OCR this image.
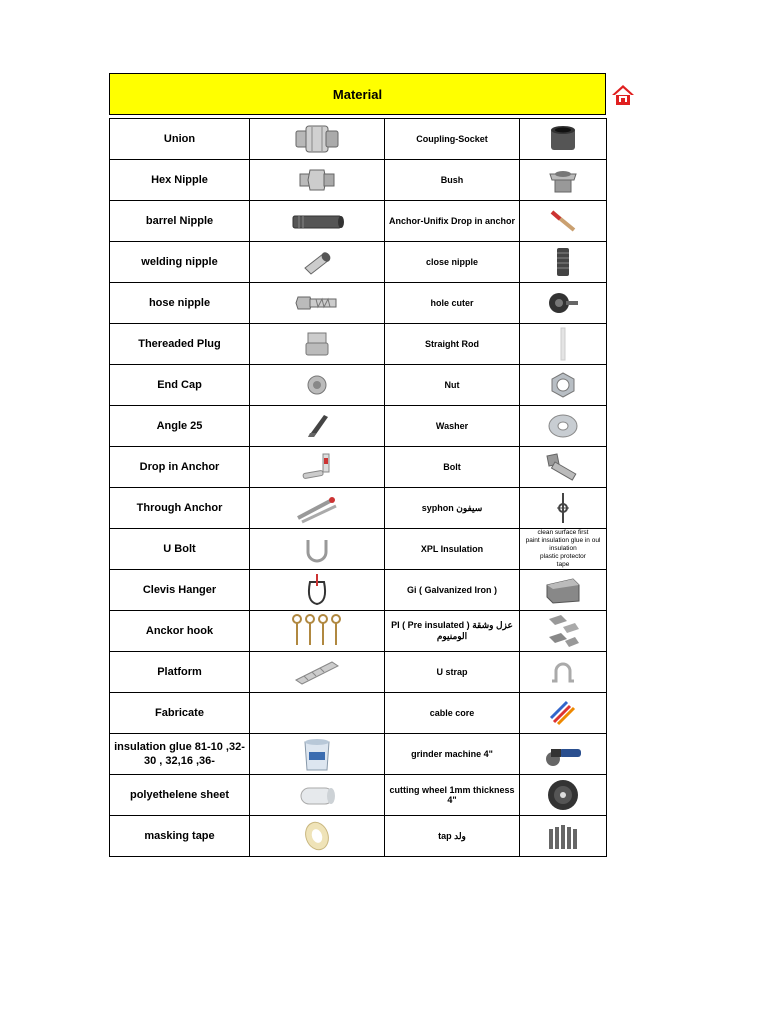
Material
Union		Coupling-Socket	

Hex Nipple		Bush	

barrel Nipple		Anchor-Unifix Drop in anchor	

welding nipple		close nipple	

hose nipple		hole cuter	

Thereaded Plug		Straight Rod	

End Cap		Nut	

Angle 25		Washer	

Drop in Anchor		Bolt	

Through Anchor		syphon سيفون	

U Bolt		XPL Insulation	clean surface first
paint insulation glue in oul
insulation
plastic protector
tape

Clevis Hanger		Gi ( Galvanized Iron )	

Anckor hook		PI ( Pre insulated ) عزل وشقة الومنيوم	

Platform		U strap	

Fabricate		cable core	

insulation glue 81-10 ,32-
30 , 32,16 ,36-		grinder machine 4"	

polyethelene sheet		cutting wheel 1mm thickness 4"	

masking tape		tap ولد	
